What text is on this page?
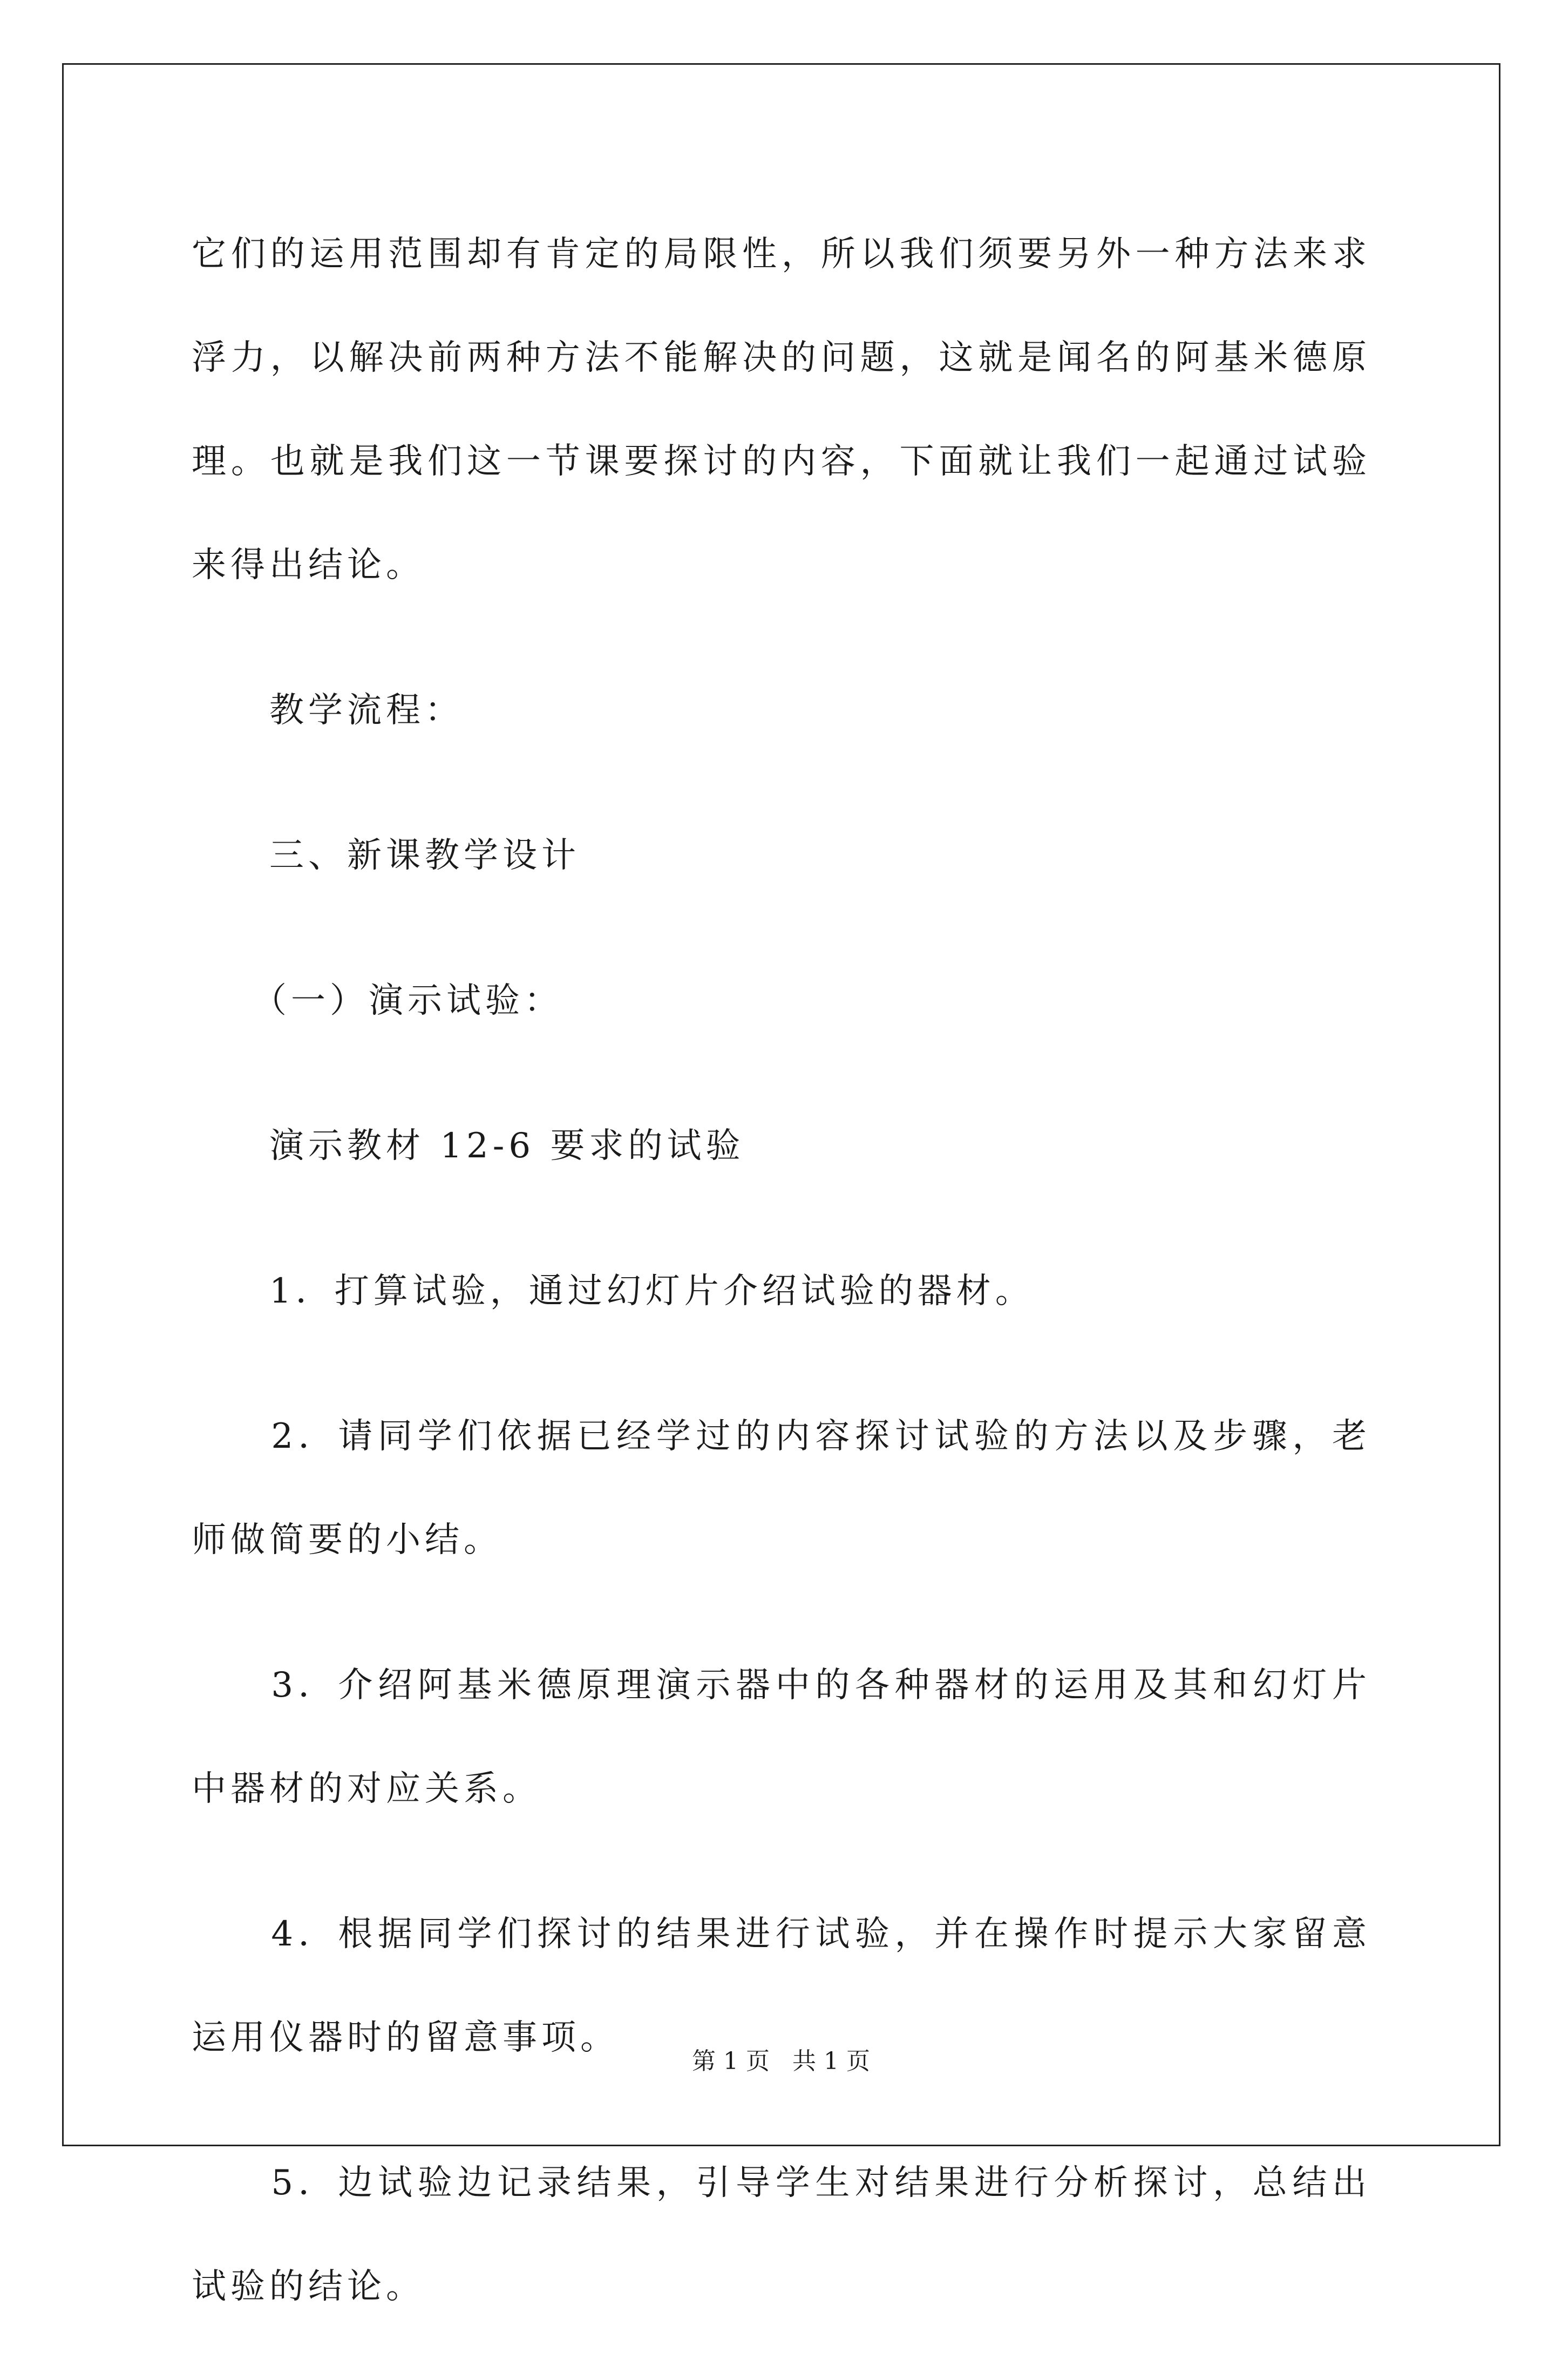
它们的运用范围却有肯定的局限性，所以我们须要另外一种方法来求浮力，以解决前两种方法不能解决的问题，这就是闻名的阿基米德原理。也就是我们这一节课要探讨的内容，下面就让我们一起通过试验来得出结论。

　　教学流程：

　　三、新课教学设计

　　（一）演示试验：

　　演示教材 12-6 要求的试验

　　1．打算试验，通过幻灯片介绍试验的器材。

　　2．请同学们依据已经学过的内容探讨试验的方法以及步骤，老师做简要的小结。

　　3．介绍阿基米德原理演示器中的各种器材的运用及其和幻灯片中器材的对应关系。

　　4．根据同学们探讨的结果进行试验，并在操作时提示大家留意运用仪器时的留意事项。

　　5．边试验边记录结果，引导学生对结果进行分析探讨，总结出试验的结论。

第 1 页 共 1 页
